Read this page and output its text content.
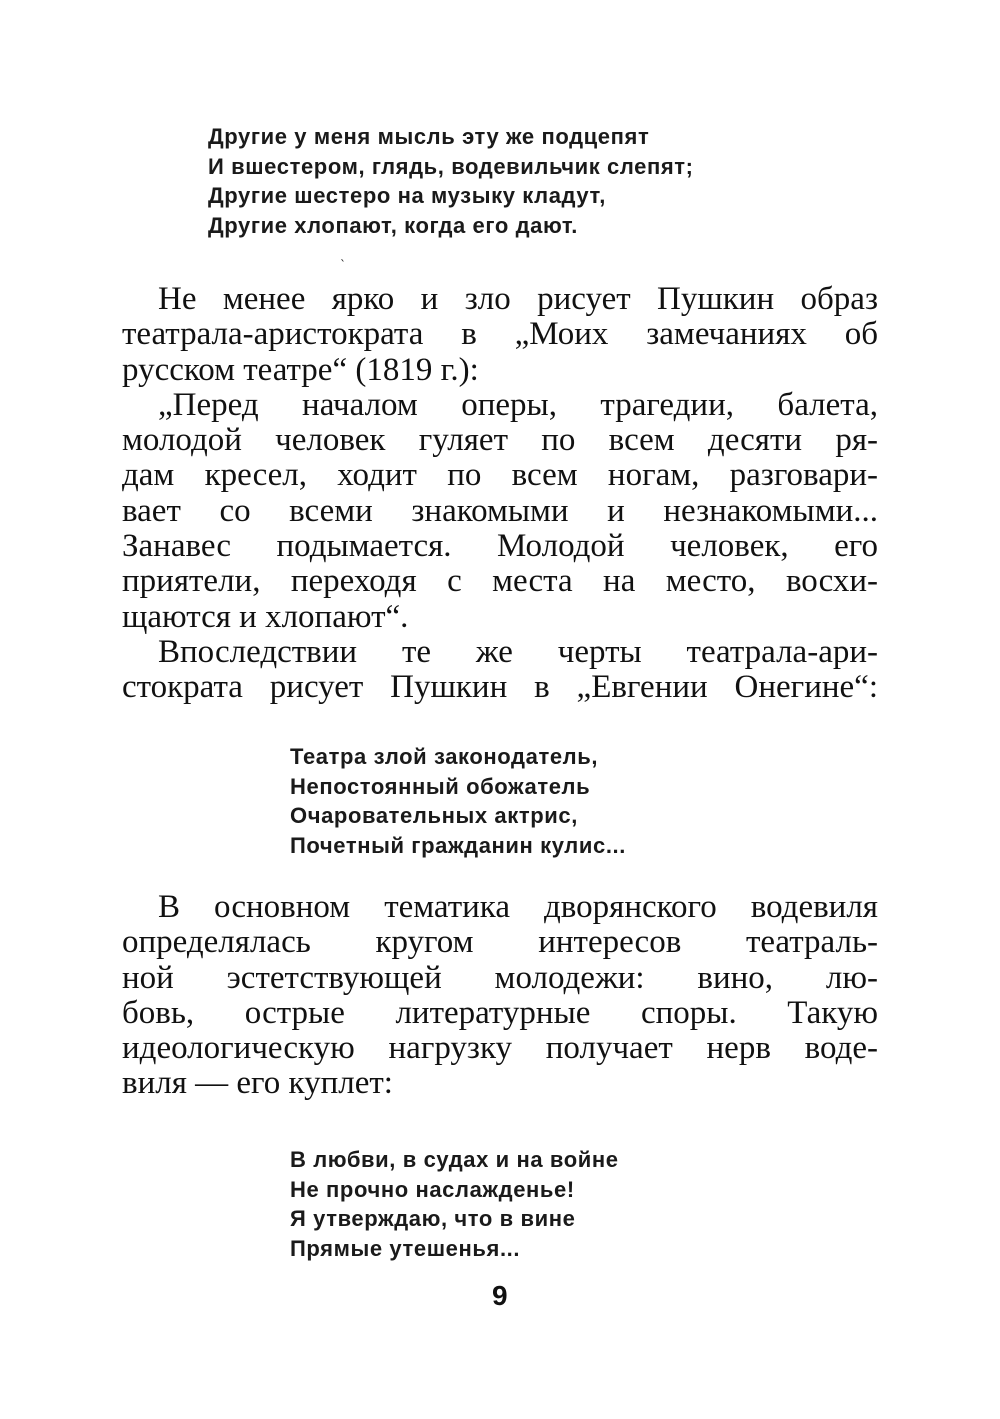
Другие у меня мысль эту же подцепят
И вшестером, глядь, водевильчик слепят;
Другие шестеро на музыку кладут,
Другие хлопают, когда его дают.
`
Не менее ярко и зло рисует Пушкин образ
театрала-аристократа в „Моих замечаниях об
русском театре“ (1819 г.):
„Перед началом оперы, трагедии, балета,
молодой человек гуляет по всем десяти ря-
дам кресел, ходит по всем ногам, разговари-
вает со всеми знакомыми и незнакомыми...
Занавес подымается. Молодой человек, его
приятели, переходя с места на место, восхи-
щаются и хлопают“.
Впоследствии те же черты театрала-ари-
стократа рисует Пушкин в „Евгении Онегине“:
Театра злой законодатель,
Непостоянный обожатель
Очаровательных актрис,
Почетный гражданин кулис...
В основном тематика дворянского водевиля
определялась кругом интересов театраль-
ной эстетствующей молодежи: вино, лю-
бовь, острые литературные споры. Такую
идеологическую нагрузку получает нерв воде-
виля — его куплет:
В любви, в судах и на войне
Не прочно наслажденье!
Я утверждаю, что в вине
Прямые утешенья...
9
